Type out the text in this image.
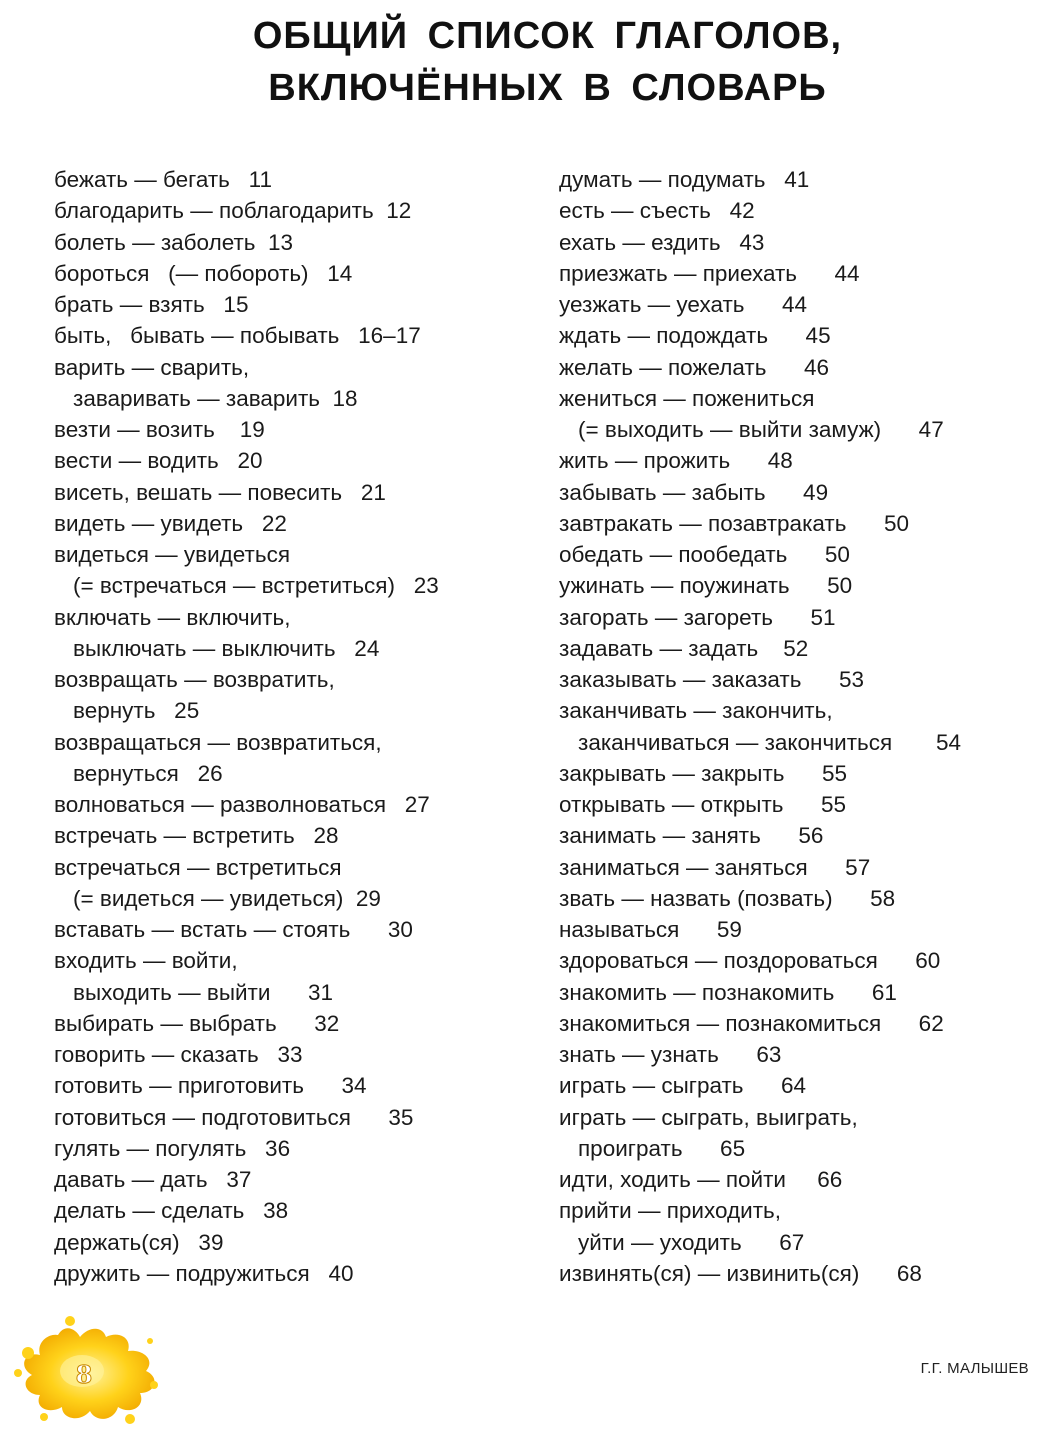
ОБЩИЙ СПИСОК ГЛАГОЛОВ,
ВКЛЮЧЁННЫХ В СЛОВАРЬ
бежать — бегать   11
благодарить — поблагодарить  12
болеть — заболеть  13
бороться   (— побороть)   14
брать — взять   15
быть,   бывать — побывать   16–17
варить — сварить,
заваривать — заварить  18
везти — возить    19
вести — водить   20
висеть, вешать — повесить   21
видеть — увидеть   22
видеться — увидеться
(= встречаться — встретиться)   23
включать — включить,
выключать — выключить   24
возвращать — возвратить,
вернуть   25
возвращаться — возвратиться,
вернуться   26
волноваться — разволноваться   27
встречать — встретить   28
встречаться — встретиться
(= видеться — увидеться)  29
вставать — встать — стоять      30
входить — войти,
выходить — выйти      31
выбирать — выбрать      32
говорить — сказать   33
готовить — приготовить      34
готовиться — подготовиться      35
гулять — погулять   36
давать — дать   37
делать — сделать   38
держать(ся)   39
дружить — подружиться   40
думать — подумать   41
есть — съесть   42
ехать — ездить   43
приезжать — приехать      44
уезжать — уехать      44
ждать — подождать      45
желать — пожелать      46
жениться — пожениться
(= выходить — выйти замуж)      47
жить — прожить      48
забывать — забыть      49
завтракать — позавтракать      50
обедать — пообедать      50
ужинать — поужинать      50
загорать — загореть      51
задавать — задать    52
заказывать — заказать      53
заканчивать — закончить,
заканчиваться — закончиться       54
закрывать — закрыть      55
открывать — открыть      55
занимать — занять      56
заниматься — заняться      57
звать — назвать (позвать)      58
называться      59
здороваться — поздороваться      60
знакомить — познакомить      61
знакомиться — познакомиться      62
знать — узнать      63
играть — сыграть      64
играть — сыграть, выиграть,
проиграть      65
идти, ходить — пойти     66
прийти — приходить,
уйти — уходить      67
извинять(ся) — извинить(ся)      68
8	Г.Г. МАЛЫШЕВ
